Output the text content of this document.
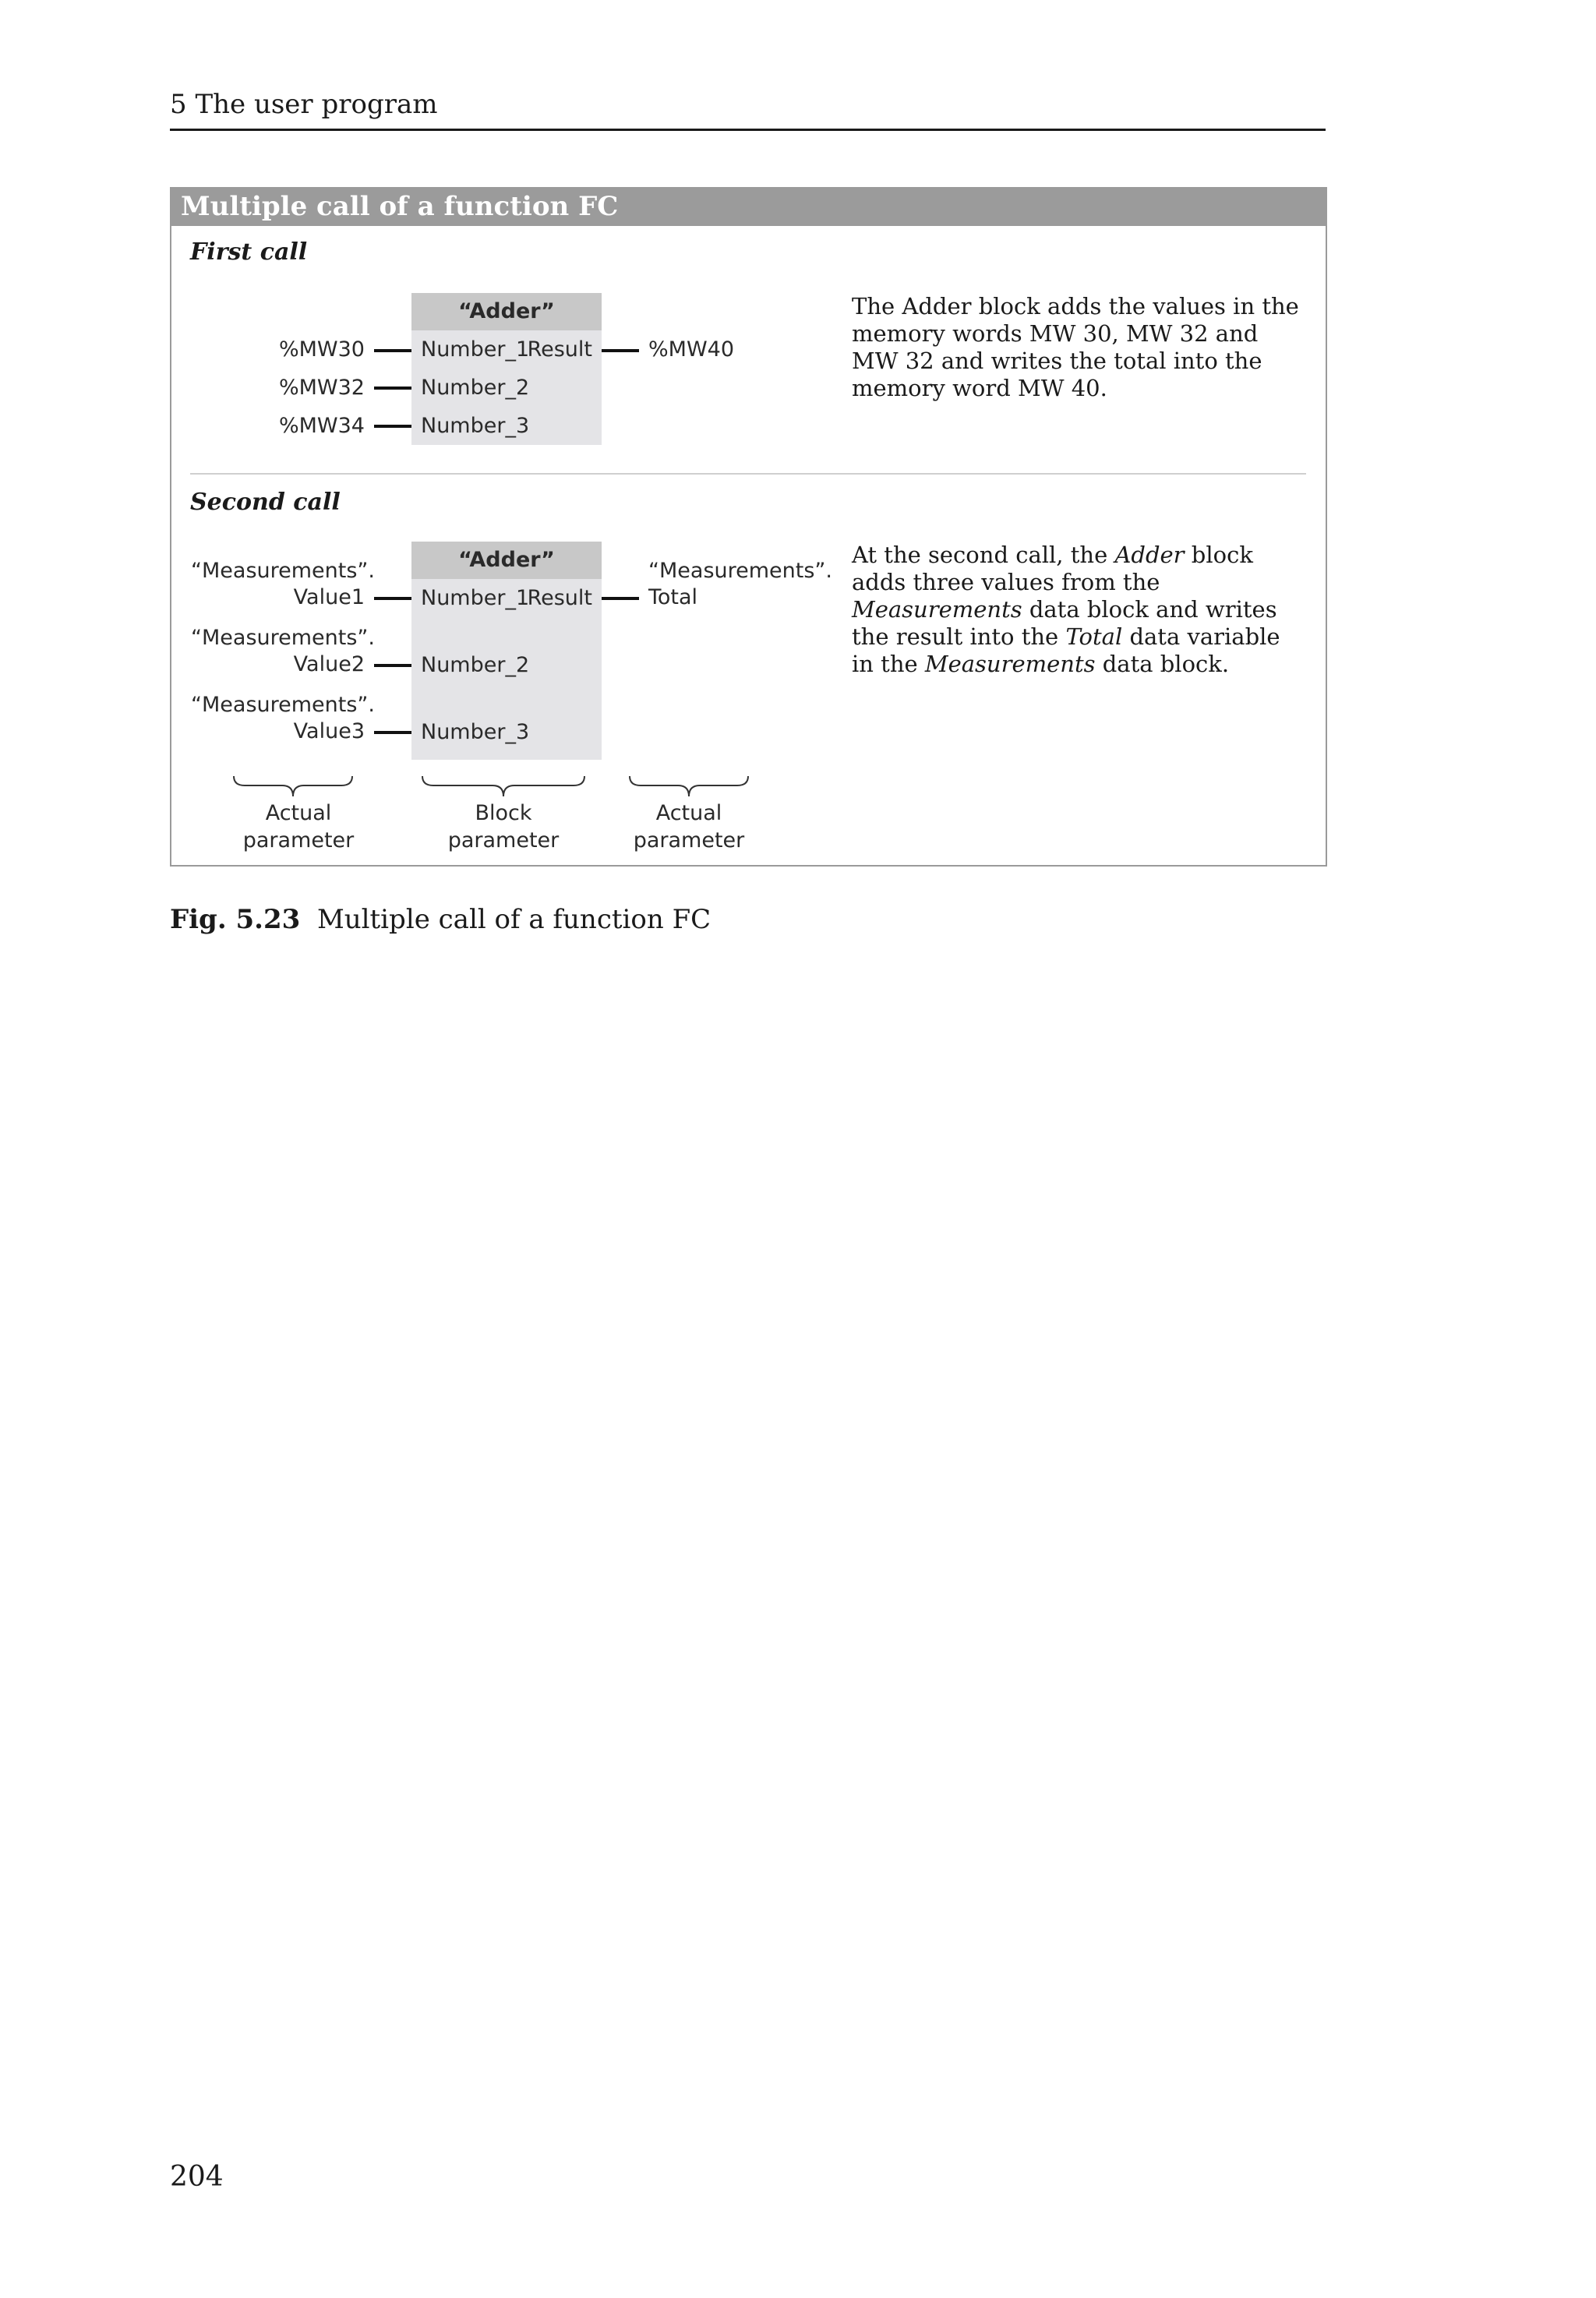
5 The user program
Multiple call of a function FC
First call
“Adder”
%MW30	Number_1
%MW32	Number_2
%MW34	Number_3
Result	%MW40
The Adder block adds the values in the memory words MW 30, MW 32 and MW 32 and writes the total into the memory word MW 40.
Second call
“Adder”
“Measurements”.
Value1	Number_1
“Measurements”.
Value2	Number_2
“Measurements”.
Value3	Number_3
Result
“Measurements”.
Total
At the second call, the Adder block adds three values from the Measurements data block and writes the result into the Total data variable in the Measurements data block.
Actual
parameter
Block
parameter
Actual
parameter
Fig. 5.23 Multiple call of a function FC
204
